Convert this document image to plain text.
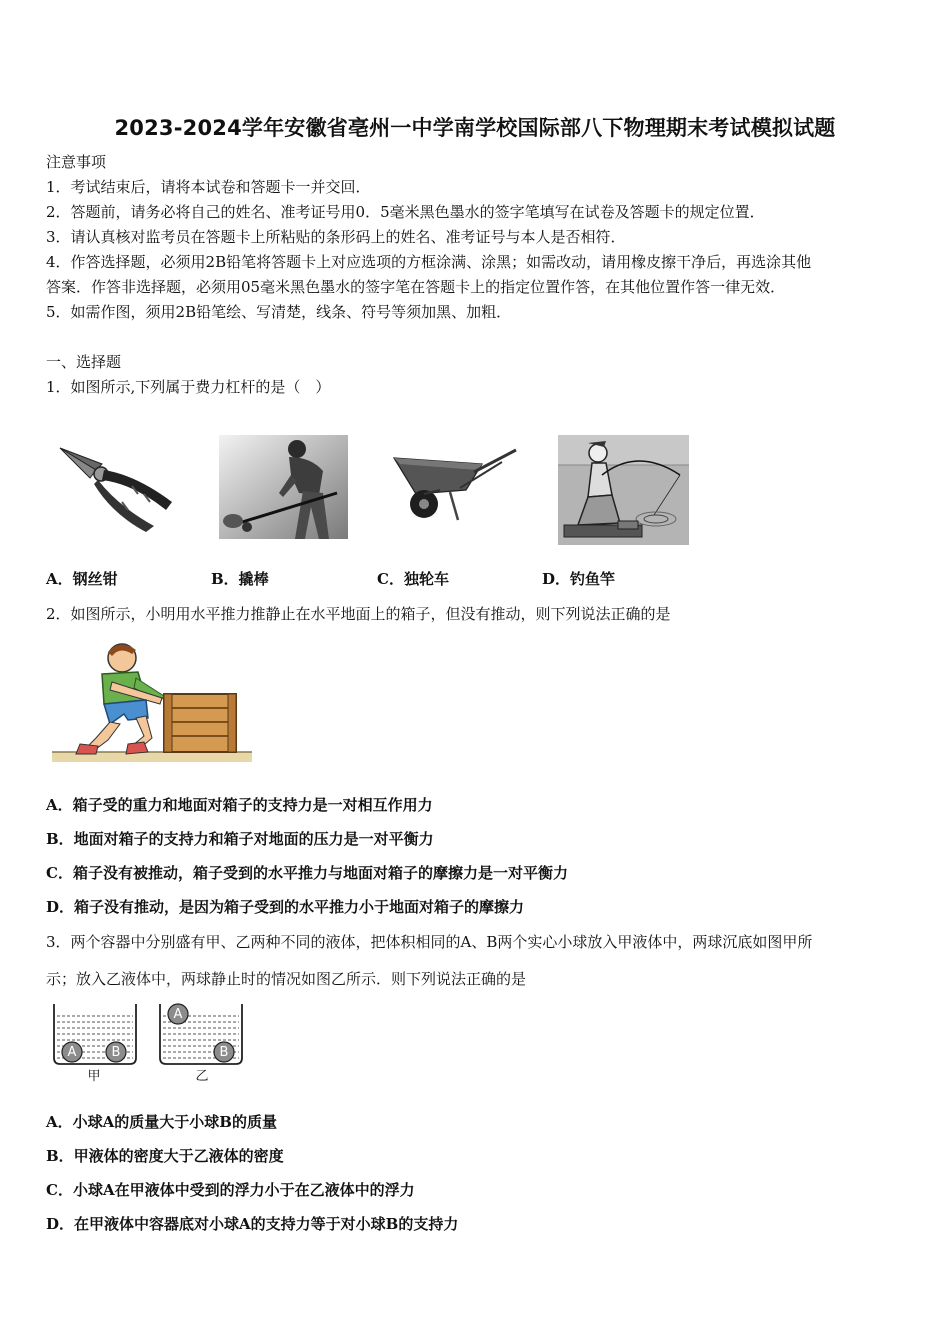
2023-2024学年安徽省亳州一中学南学校国际部八下物理期末考试模拟试题
注意事项
1．考试结束后，请将本试卷和答题卡一并交回．
2．答题前，请务必将自己的姓名、准考证号用0．5毫米黑色墨水的签字笔填写在试卷及答题卡的规定位置．
3．请认真核对监考员在答题卡上所粘贴的条形码上的姓名、准考证号与本人是否相符．
4．作答选择题，必须用2B铅笔将答题卡上对应选项的方框涂满、涂黑；如需改动，请用橡皮擦干净后，再选涂其他
答案．作答非选择题，必须用05毫米黑色墨水的签字笔在答题卡上的指定位置作答，在其他位置作答一律无效．
5．如需作图，须用2B铅笔绘、写清楚，线条、符号等须加黑、加粗．
一、选择题
1．如图所示,下列属于费力杠杆的是（　）
A．钢丝钳	B．撬棒	C．独轮车	D．钓鱼竿
2．如图所示，小明用水平推力推静止在水平地面上的箱子，但没有推动，则下列说法正确的是
A．箱子受的重力和地面对箱子的支持力是一对相互作用力
B．地面对箱子的支持力和箱子对地面的压力是一对平衡力
C．箱子没有被推动，箱子受到的水平推力与地面对箱子的摩擦力是一对平衡力
D．箱子没有推动，是因为箱子受到的水平推力小于地面对箱子的摩擦力
3．两个容器中分别盛有甲、乙两种不同的液体，把体积相同的A、B两个实心小球放入甲液体中，两球沉底如图甲所
示；放入乙液体中，两球静止时的情况如图乙所示．则下列说法正确的是
A	B
甲
A
B
乙
A．小球A的质量大于小球B的质量
B．甲液体的密度大于乙液体的密度
C．小球A在甲液体中受到的浮力小于在乙液体中的浮力
D．在甲液体中容器底对小球A的支持力等于对小球B的支持力
